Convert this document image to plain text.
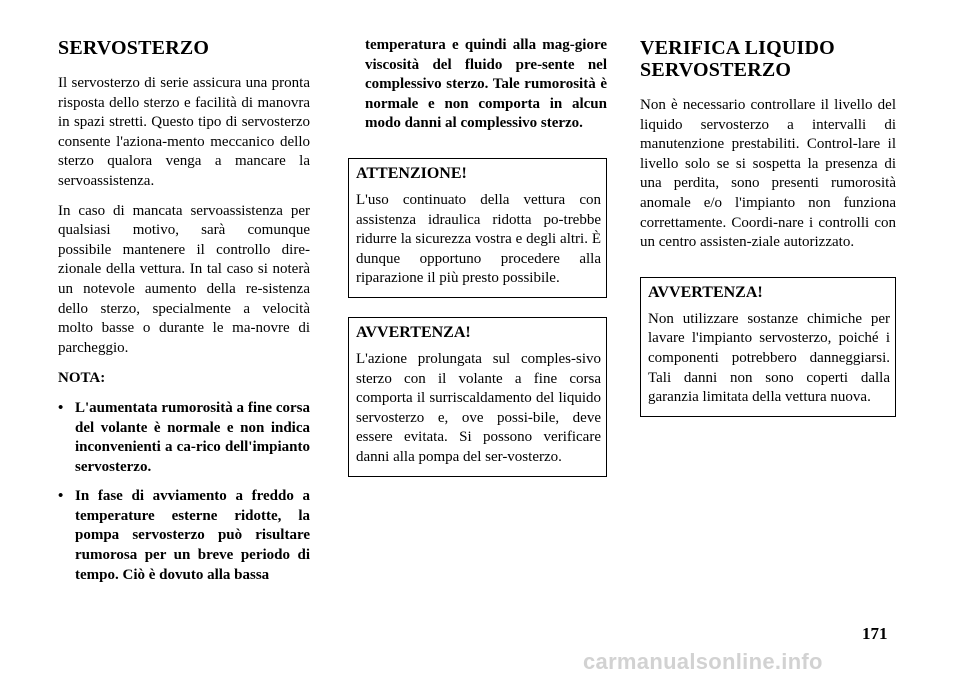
SERVOSTERZO

Il servosterzo di serie assicura una pronta risposta dello sterzo e facilità di manovra in spazi stretti. Questo tipo di servosterzo consente l'aziona-mento meccanico dello sterzo qualora venga a mancare la servoassistenza.

In caso di mancata servoassistenza per qualsiasi motivo, sarà comunque possibile mantenere il controllo dire-zionale della vettura. In tal caso si noterà un notevole aumento della re-sistenza dello sterzo, specialmente a velocità molto basse o durante le ma-novre di parcheggio.

NOTA:

• L'aumentata rumorosità a fine corsa del volante è normale e non indica inconvenienti a ca-rico dell'impianto servosterzo.
• In fase di avviamento a freddo a temperature esterne ridotte, la pompa servosterzo può risultare rumorosa per un breve periodo di tempo. Ciò è dovuto alla bassa

temperatura e quindi alla mag-giore viscosità del fluido pre-sente nel complessivo sterzo. Tale rumorosità è normale e non comporta in alcun modo danni al complessivo sterzo.

ATTENZIONE!

L'uso continuato della vettura con assistenza idraulica ridotta po-trebbe ridurre la sicurezza vostra e degli altri. È dunque opportuno procedere alla riparazione il più presto possibile.

AVVERTENZA!

L'azione prolungata sul comples-sivo sterzo con il volante a fine corsa comporta il surriscaldamento del liquido servosterzo e, ove possi-bile, deve essere evitata. Si possono verificare danni alla pompa del ser-vosterzo.

VERIFICA LIQUIDO SERVOSTERZO

Non è necessario controllare il livello del liquido servosterzo a intervalli di manutenzione prestabiliti. Control-lare il livello solo se si sospetta la presenza di una perdita, sono presenti rumorosità anomale e/o l'impianto non funziona correttamente. Coordi-nare i controlli con un centro assisten-ziale autorizzato.

AVVERTENZA!

Non utilizzare sostanze chimiche per lavare l'impianto servosterzo, poiché i componenti potrebbero danneggiarsi. Tali danni non sono coperti dalla garanzia limitata della vettura nuova.

171
carmanualsonline.info
